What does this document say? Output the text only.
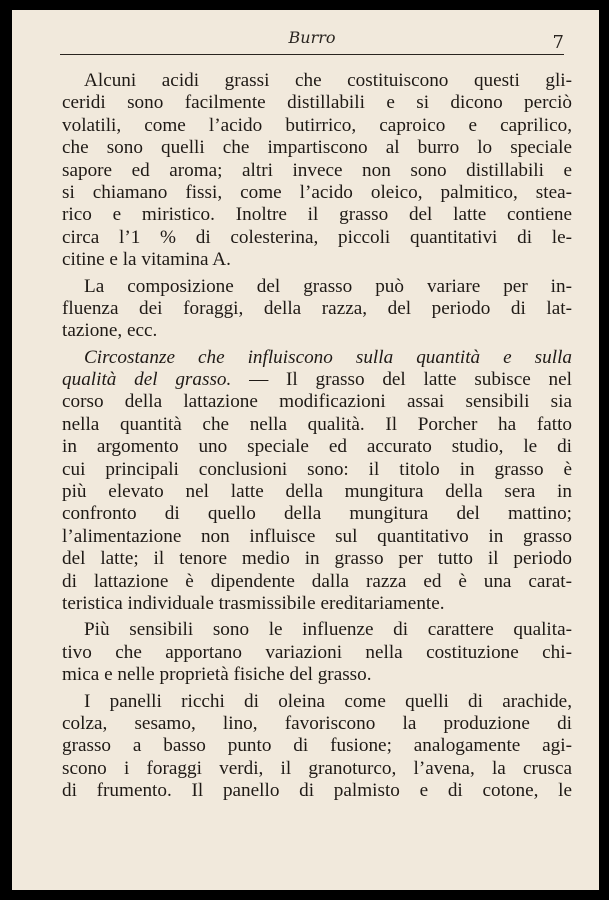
Burro	7
Alcuni acidi grassi che costituiscono questi gli-
ceridi sono facilmente distillabili e si dicono perciò
volatili, come l’acido butirrico, caproico e caprilico,
che sono quelli che impartiscono al burro lo speciale
sapore ed aroma; altri invece non sono distillabili e
si chiamano fissi, come l’acido oleico, palmitico, stea-
rico e miristico. Inoltre il grasso del latte contiene
circa l’1 % di colesterina, piccoli quantitativi di le-
citine e la vitamina A.
La composizione del grasso può variare per in-
fluenza dei foraggi, della razza, del periodo di lat-
tazione, ecc.
Circostanze che influiscono sulla quantità e sulla
qualità del grasso. — Il grasso del latte subisce nel
corso della lattazione modificazioni assai sensibili sia
nella quantità che nella qualità. Il Porcher ha fatto
in argomento uno speciale ed accurato studio, le di
cui principali conclusioni sono: il titolo in grasso è
più elevato nel latte della mungitura della sera in
confronto di quello della mungitura del mattino;
l’alimentazione non influisce sul quantitativo in grasso
del latte; il tenore medio in grasso per tutto il periodo
di lattazione è dipendente dalla razza ed è una carat-
teristica individuale trasmissibile ereditariamente.
Più sensibili sono le influenze di carattere qualita-
tivo che apportano variazioni nella costituzione chi-
mica e nelle proprietà fisiche del grasso.
I panelli ricchi di oleina come quelli di arachide,
colza, sesamo, lino, favoriscono la produzione di
grasso a basso punto di fusione; analogamente agi-
scono i foraggi verdi, il granoturco, l’avena, la crusca
di frumento. Il panello di palmisto e di cotone, le
